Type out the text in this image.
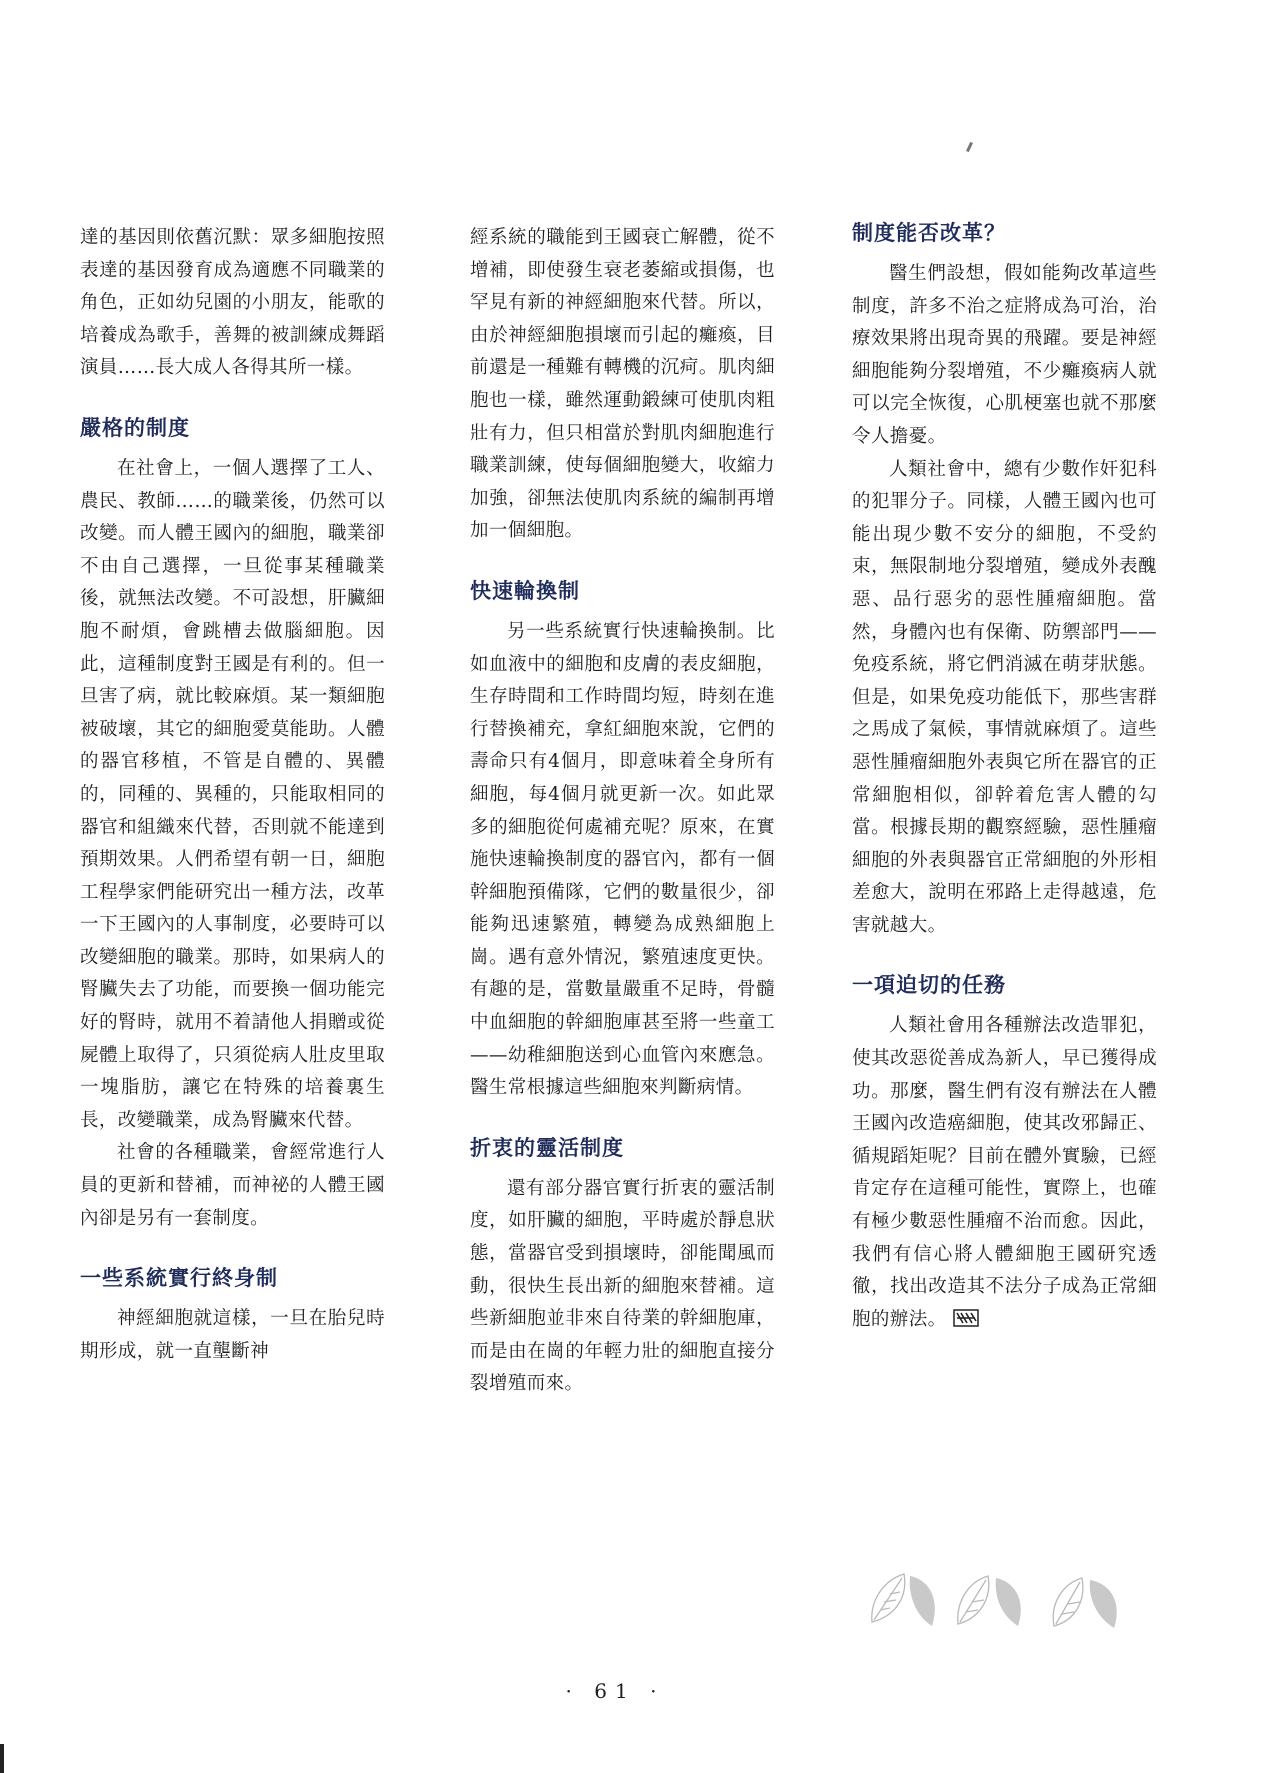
達的基因則依舊沉默：眾多細胞按照表達的基因發育成為適應不同職業的角色，正如幼兒園的小朋友，能歌的培養成為歌手，善舞的被訓練成舞蹈演員……長大成人各得其所一樣。

嚴格的制度

在社會上，一個人選擇了工人、農民、教師……的職業後，仍然可以改變。而人體王國內的細胞，職業卻不由自己選擇，一旦從事某種職業後，就無法改變。不可設想，肝臟細胞不耐煩，會跳槽去做腦細胞。因此，這種制度對王國是有利的。但一旦害了病，就比較麻煩。某一類細胞被破壞，其它的細胞愛莫能助。人體的器官移植，不管是自體的、異體的，同種的、異種的，只能取相同的器官和組織來代替，否則就不能達到預期效果。人們希望有朝一日，細胞工程學家們能研究出一種方法，改革一下王國內的人事制度，必要時可以改變細胞的職業。那時，如果病人的腎臟失去了功能，而要換一個功能完好的腎時，就用不着請他人捐贈或從屍體上取得了，只須從病人肚皮里取一塊脂肪，讓它在特殊的培養裏生長，改變職業，成為腎臟來代替。

社會的各種職業，會經常進行人員的更新和替補，而神祕的人體王國內卻是另有一套制度。

一些系統實行終身制

神經細胞就這樣，一旦在胎兒時期形成，就一直壟斷神

經系統的職能到王國衰亡解體，從不增補，即使發生衰老萎縮或損傷，也罕見有新的神經細胞來代替。所以，由於神經細胞損壞而引起的癱瘓，目前還是一種難有轉機的沉疴。肌肉細胞也一樣，雖然運動鍛練可使肌肉粗壯有力，但只相當於對肌肉細胞進行職業訓練，使每個細胞變大，收縮力加強，卻無法使肌肉系統的編制再增加一個細胞。

快速輪換制

另一些系統實行快速輪換制。比如血液中的細胞和皮膚的表皮細胞，生存時間和工作時間均短，時刻在進行替換補充，拿紅細胞來說，它們的壽命只有4個月，即意味着全身所有細胞，每4個月就更新一次。如此眾多的細胞從何處補充呢？原來，在實施快速輪換制度的器官內，都有一個幹細胞預備隊，它們的數量很少，卻能夠迅速繁殖，轉變為成熟細胞上崗。遇有意外情況，繁殖速度更快。有趣的是，當數量嚴重不足時，骨髓中血細胞的幹細胞庫甚至將一些童工——幼稚細胞送到心血管內來應急。醫生常根據這些細胞來判斷病情。

折衷的靈活制度

還有部分器官實行折衷的靈活制度，如肝臟的細胞，平時處於靜息狀態，當器官受到損壞時，卻能聞風而動，很快生長出新的細胞來替補。這些新細胞並非來自待業的幹細胞庫，而是由在崗的年輕力壯的細胞直接分裂增殖而來。

制度能否改革？

醫生們設想，假如能夠改革這些制度，許多不治之症將成為可治，治療效果將出現奇異的飛躍。要是神經細胞能夠分裂增殖，不少癱瘓病人就可以完全恢復，心肌梗塞也就不那麼令人擔憂。

人類社會中，總有少數作奸犯科的犯罪分子。同樣，人體王國內也可能出現少數不安分的細胞，不受約束，無限制地分裂增殖，變成外表醜惡、品行惡劣的惡性腫瘤細胞。當然，身體內也有保衛、防禦部門——免疫系統，將它們消滅在萌芽狀態。但是，如果免疫功能低下，那些害群之馬成了氣候，事情就麻煩了。這些惡性腫瘤細胞外表與它所在器官的正常細胞相似，卻幹着危害人體的勾當。根據長期的觀察經驗，惡性腫瘤細胞的外表與器官正常細胞的外形相差愈大，說明在邪路上走得越遠，危害就越大。

一項迫切的任務

人類社會用各種辦法改造罪犯，使其改惡從善成為新人，早已獲得成功。那麼，醫生們有沒有辦法在人體王國內改造癌細胞，使其改邪歸正、循規蹈矩呢？目前在體外實驗，已經肯定存在這種可能性，實際上，也確有極少數惡性腫瘤不治而愈。因此，我們有信心將人體細胞王國研究透徹，找出改造其不法分子成為正常細胞的辦法。

· 61 ·
